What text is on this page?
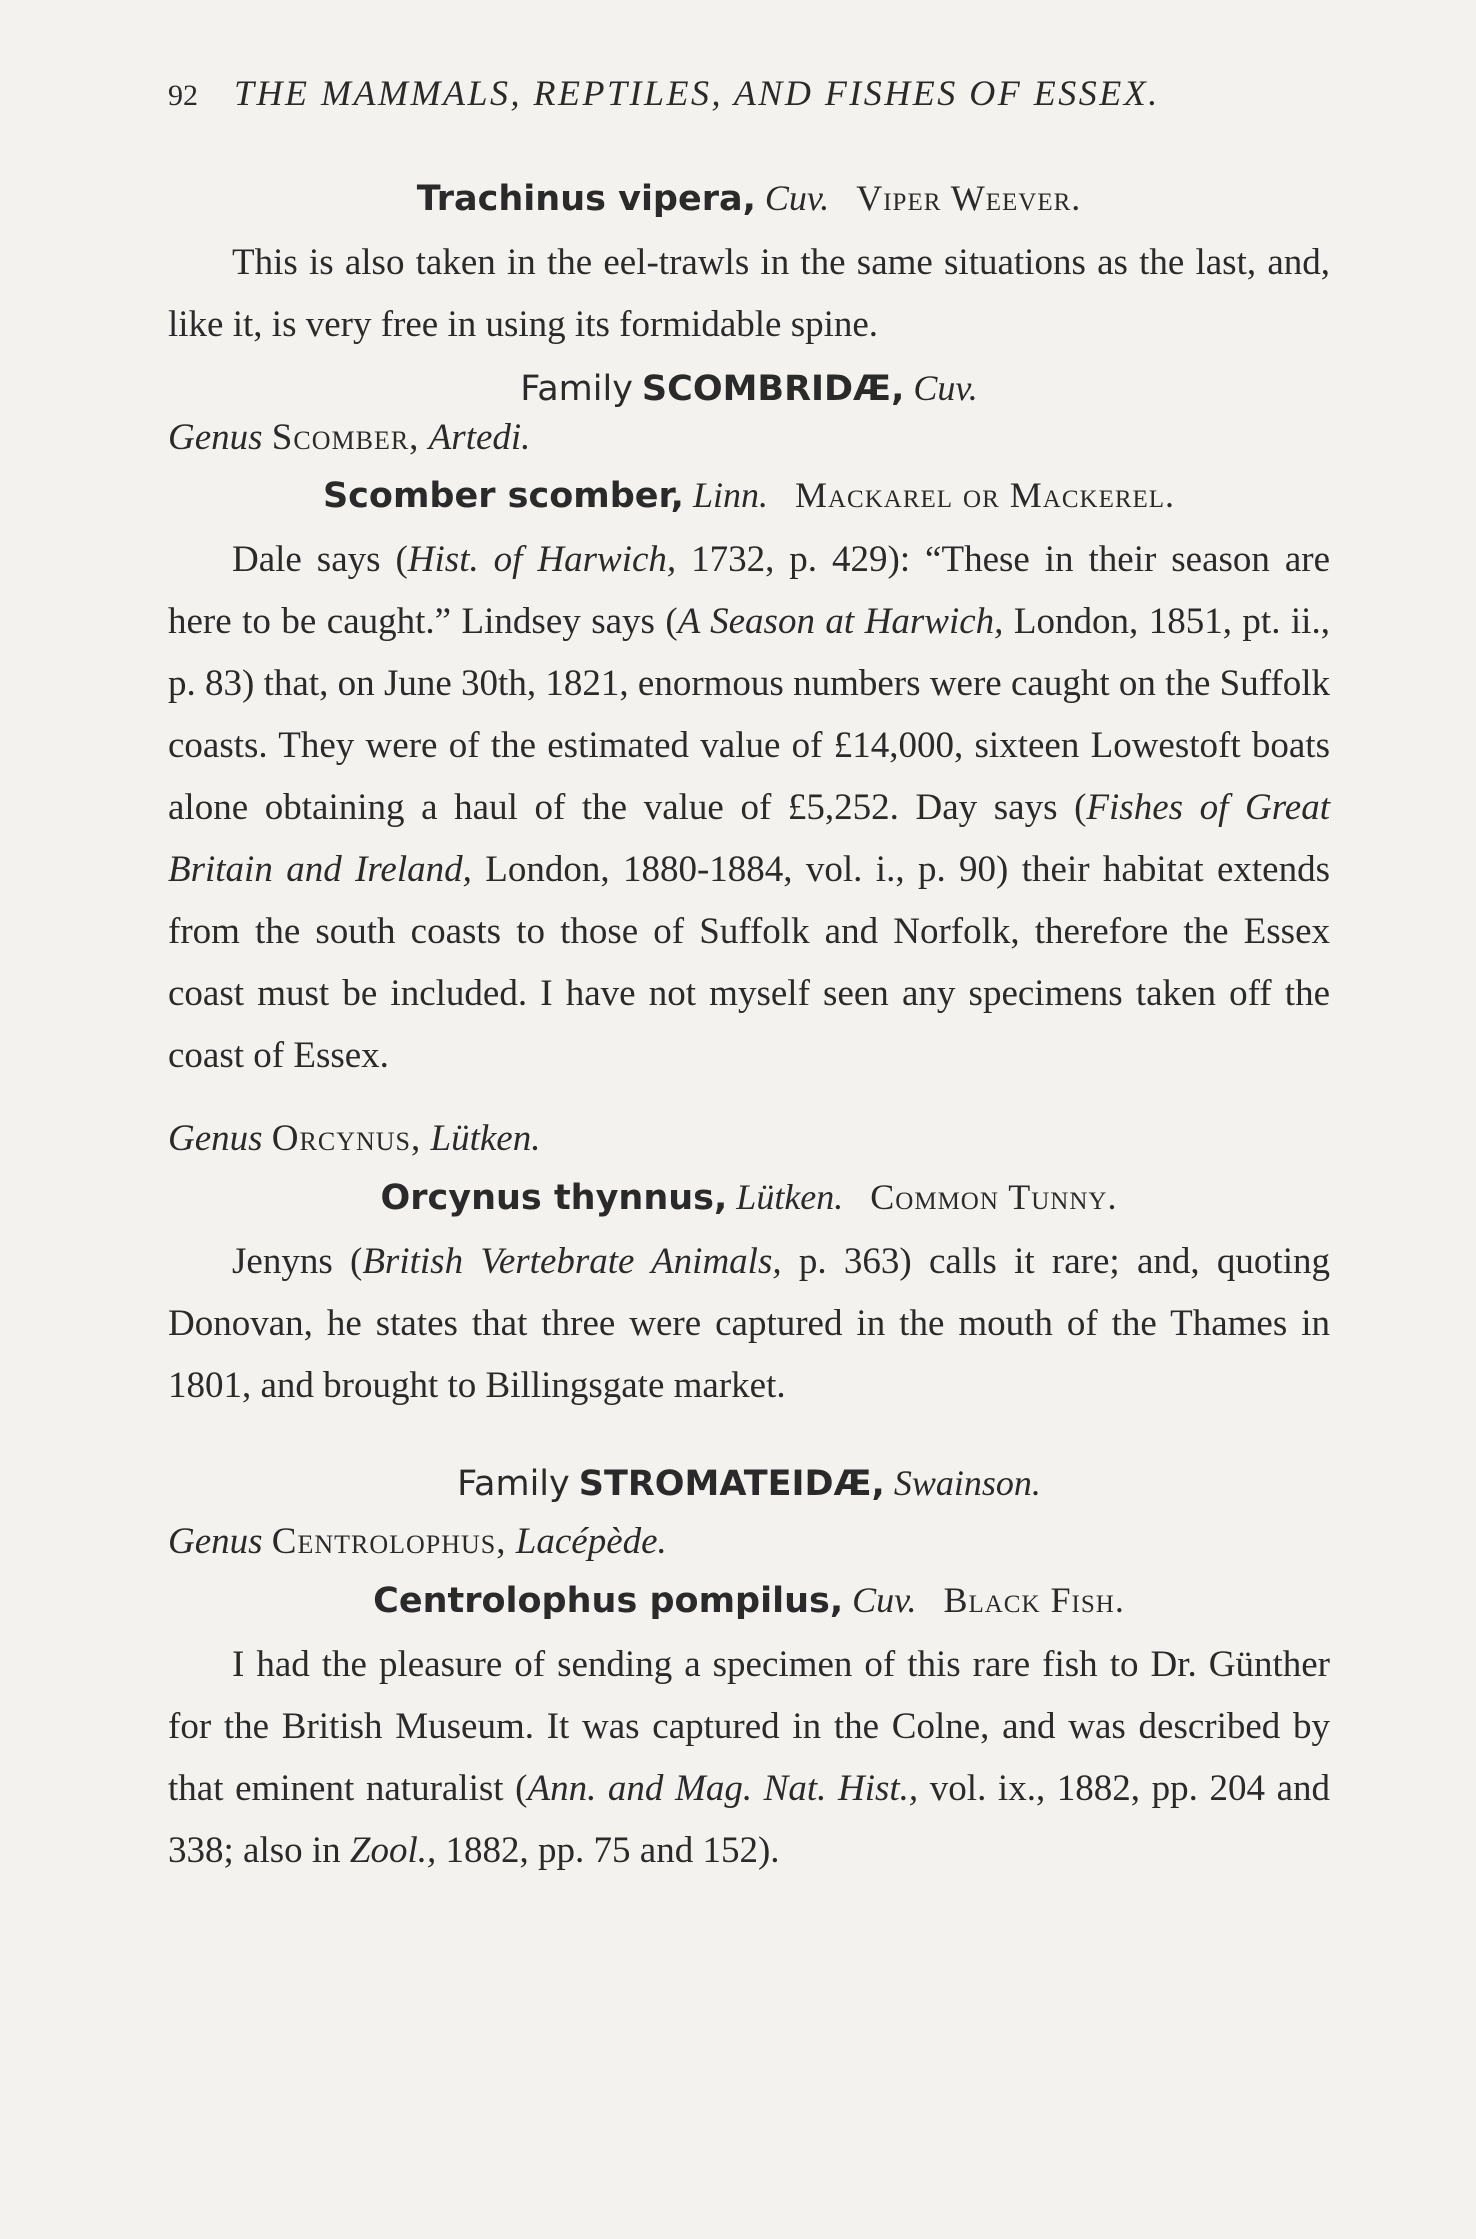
92 THE MAMMALS, REPTILES, AND FISHES OF ESSEX.
Trachinus vipera, Cuv. Viper Weever.

This is also taken in the eel-trawls in the same situations as the last, and, like it, is very free in using its formidable spine.

Family SCOMBRIDÆ, Cuv.
Genus Scomber, Artedi.
Scomber scomber, Linn. Mackarel or Mackerel.

Dale says (Hist. of Harwich, 1732, p. 429): “These in their season are here to be caught.” Lindsey says (A Season at Harwich, London, 1851, pt. ii., p. 83) that, on June 30th, 1821, enormous numbers were caught on the Suffolk coasts. They were of the estimated value of £14,000, sixteen Lowestoft boats alone obtaining a haul of the value of £5,252. Day says (Fishes of Great Britain and Ireland, London, 1880-1884, vol. i., p. 90) their habitat extends from the south coasts to those of Suffolk and Norfolk, therefore the Essex coast must be included. I have not myself seen any specimens taken off the coast of Essex.

Genus Orcynus, Lütken.
Orcynus thynnus, Lütken. Common Tunny.

Jenyns (British Vertebrate Animals, p. 363) calls it rare; and, quoting Donovan, he states that three were captured in the mouth of the Thames in 1801, and brought to Billingsgate market.

Family STROMATEIDÆ, Swainson.
Genus Centrolophus, Lacépède.
Centrolophus pompilus, Cuv. Black Fish.

I had the pleasure of sending a specimen of this rare fish to Dr. Günther for the British Museum. It was captured in the Colne, and was described by that eminent naturalist (Ann. and Mag. Nat. Hist., vol. ix., 1882, pp. 204 and 338; also in Zool., 1882, pp. 75 and 152).
